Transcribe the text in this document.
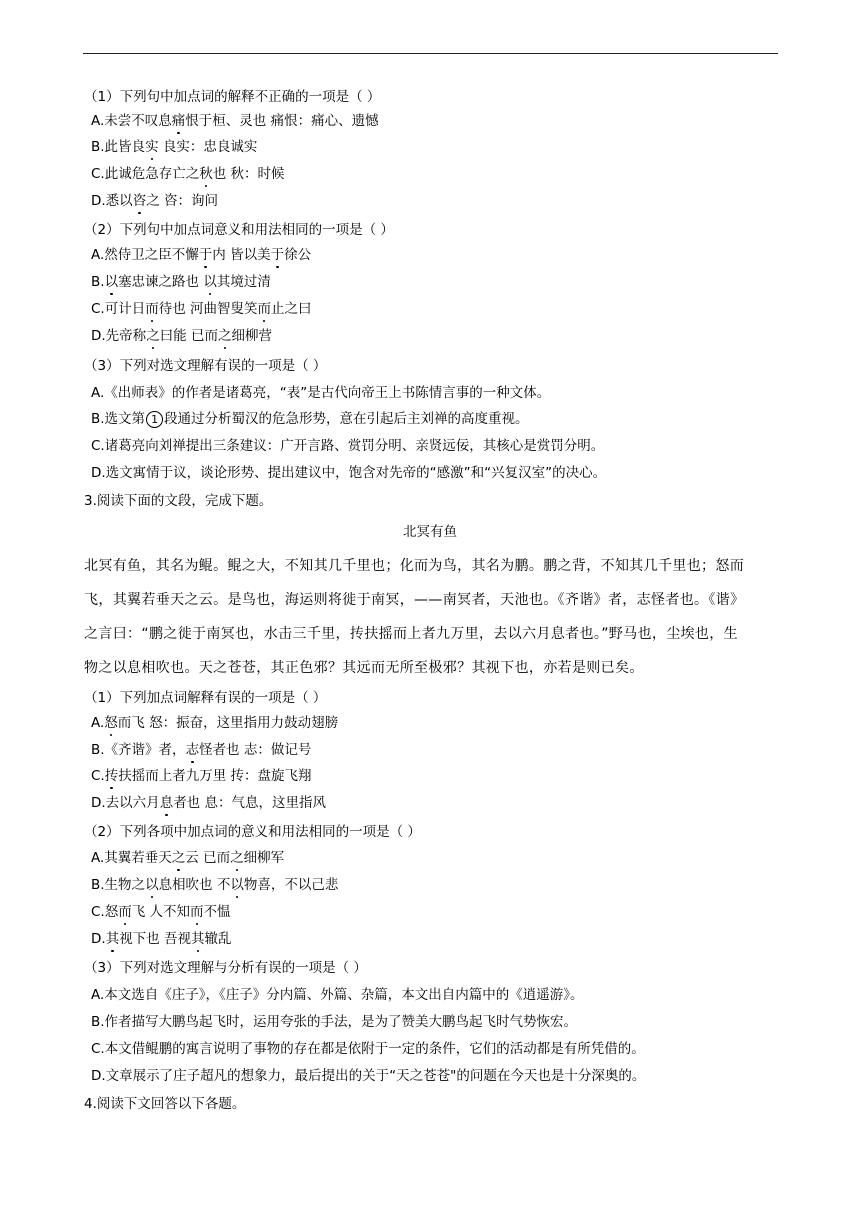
（1）下列句中加点词的解释不正确的一项是（ ）
A.未尝不叹息痛恨于桓、灵也 痛恨：痛心、遗憾
B.此皆良实 良实：忠良诚实
C.此诚危急存亡之秋也 秋：时候
D.悉以咨之 咨：询问
（2）下列句中加点词意义和用法相同的一项是（ ）
A.然侍卫之臣不懈于内 皆以美于徐公
B.以塞忠谏之路也 以其境过清
C.可计日而待也 河曲智叟笑而止之曰
D.先帝称之曰能 已而之细柳营
（3）下列对选文理解有误的一项是（ ）
A.《出师表》的作者是诸葛亮，“表”是古代向帝王上书陈情言事的一种文体。
B.选文第 1 段通过分析蜀汉的危急形势，意在引起后主刘禅的高度重视。
C.诸葛亮向刘禅提出三条建议：广开言路、赏罚分明、亲贤远佞，其核心是赏罚分明。
D.选文寓情于议，谈论形势、提出建议中，饱含对先帝的“感激”和“兴复汉室”的决心。
3.阅读下面的文段，完成下题。
北冥有鱼
北冥有鱼，其名为鲲。鲲之大，不知其几千里也；化而为鸟，其名为鹏。鹏之背，不知其几千里也；怒而
飞，其翼若垂天之云。是鸟也，海运则将徙于南冥，——南冥者，天池也。《齐谐》者，志怪者也。《谐》
之言曰：“鹏之徙于南冥也，水击三千里，抟扶摇而上者九万里，去以六月息者也。”野马也，尘埃也，生
物之以息相吹也。天之苍苍，其正色邪？其远而无所至极邪？其视下也，亦若是则已矣。
（1）下列加点词解释有误的一项是（ ）
A.怒而飞 怒：振奋，这里指用力鼓动翅膀
B.《齐谐》者，志怪者也 志：做记号
C.抟扶摇而上者九万里 抟：盘旋飞翔
D.去以六月息者也 息：气息，这里指风
（2）下列各项中加点词的意义和用法相同的一项是（ ）
A.其翼若垂天之云 已而之细柳军
B.生物之以息相吹也 不以物喜，不以己悲
C.怒而飞 人不知而不愠
D.其视下也 吾视其辙乱
（3）下列对选文理解与分析有误的一项是（ ）
A.本文选自《庄子》，《庄子》分内篇、外篇、杂篇，本文出自内篇中的《逍遥游》。
B.作者描写大鹏鸟起飞时，运用夸张的手法，是为了赞美大鹏鸟起飞时气势恢宏。
C.本文借鲲鹏的寓言说明了事物的存在都是依附于一定的条件，它们的活动都是有所凭借的。
D.文章展示了庄子超凡的想象力，最后提出的关于“天之苍苍"的问题在今天也是十分深奥的。
4.阅读下文回答以下各题。
